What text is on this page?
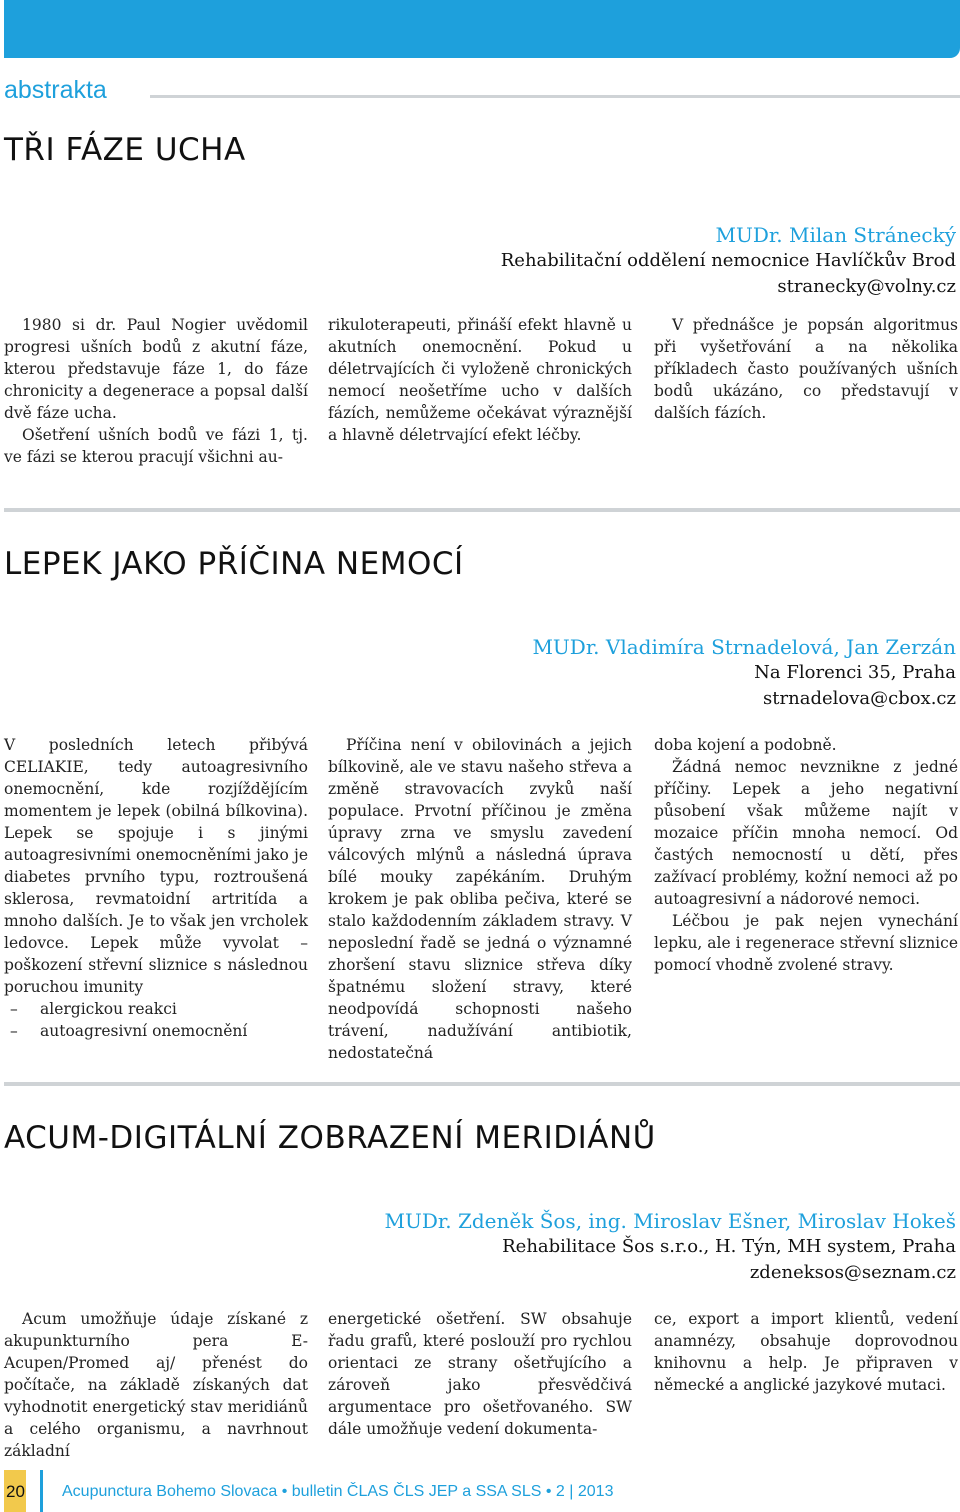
abstrakta
TŘI FÁZE UCHA
MUDr. Milan Stránecký
Rehabilitační oddělení nemocnice Havlíčkův Brod
stranecky@volny.cz

1980 si dr. Paul Nogier uvědomil progresi ušních bodů z akutní fáze, kterou představuje fáze 1, do fáze chronicity a degenerace a popsal další dvě fáze ucha.

Ošetření ušních bodů ve fázi 1, tj. ve fázi se kterou pracují všichni au-

rikuloterapeuti, přináší efekt hlavně u akutních onemocnění. Pokud u déletrvajících či vyloženě chronických nemocí neošetříme ucho v dalších fázích, nemůžeme očekávat výraznější a hlavně déletrvající efekt léčby.

V přednášce je popsán algoritmus při vyšetřování a na několika příkladech často používaných ušních bodů ukázáno, co představují v dalších fázích.

LEPEK JAKO PŘÍČINA NEMOCÍ
MUDr. Vladimíra Strnadelová, Jan Zerzán
Na Florenci 35, Praha
strnadelova@cbox.cz

V posledních letech přibývá CELIAKIE, tedy autoagresivního onemocnění, kde rozjíždějícím momentem je lepek (obilná bílkovina). Lepek se spojuje i s jinými autoagresivními onemocněními jako je diabetes prvního typu, roztroušená sklerosa, revmatoidní artritída a mnoho dalších. Je to však jen vrcholek ledovce. Lepek může vyvolat – poškození střevní sliznice s následnou poruchou imunity

– alergickou reakci
– autoagresivní onemocnění

Příčina není v obilovinách a jejich bílkovině, ale ve stavu našeho střeva a změně stravovacích zvyků naší populace. Prvotní příčinou je změna úpravy zrna ve smyslu zavedení válcových mlýnů a následná úprava bílé mouky zapékáním. Druhým krokem je pak obliba pečiva, které se stalo každodenním základem stravy. V neposlední řadě se jedná o významné zhoršení stavu sliznice střeva díky špatnému složení stravy, které neodpovídá schopnosti našeho trávení, nadužívání antibiotik, nedostatečná

doba kojení a podobně.

Žádná nemoc nevznikne z jedné příčiny. Lepek a jeho negativní působení však můžeme najít v mozaice příčin mnoha nemocí. Od častých nemocností u dětí, přes zažívací problémy, kožní nemoci až po autoagresivní a nádorové nemoci.

Léčbou je pak nejen vynechání lepku, ale i regenerace střevní sliznice pomocí vhodně zvolené stravy.

ACUM-DIGITÁLNÍ ZOBRAZENÍ MERIDIÁNŮ
MUDr. Zdeněk Šos, ing. Miroslav Ešner, Miroslav Hokeš
Rehabilitace Šos s.r.o., H. Týn, MH system, Praha
zdeneksos@seznam.cz

Acum umožňuje údaje získané z akupunkturního pera E-Acupen/Promed aj/ přenést do počítače, na základě získaných dat vyhodnotit energetický stav meridiánů a celého organismu, a navrhnout základní

energetické ošetření. SW obsahuje řadu grafů, které poslouží pro rychlou orientaci ze strany ošetřujícího a zároveň jako přesvědčivá argumentace pro ošetřovaného. SW dále umožňuje vedení dokumenta-

ce, export a import klientů, vedení anamnézy, obsahuje doprovodnou knihovnu a help. Je připraven v německé a anglické jazykové mutaci.

20 Acupunctura Bohemo Slovaca • bulletin ČLAS ČLS JEP a SSA SLS • 2 | 2013
